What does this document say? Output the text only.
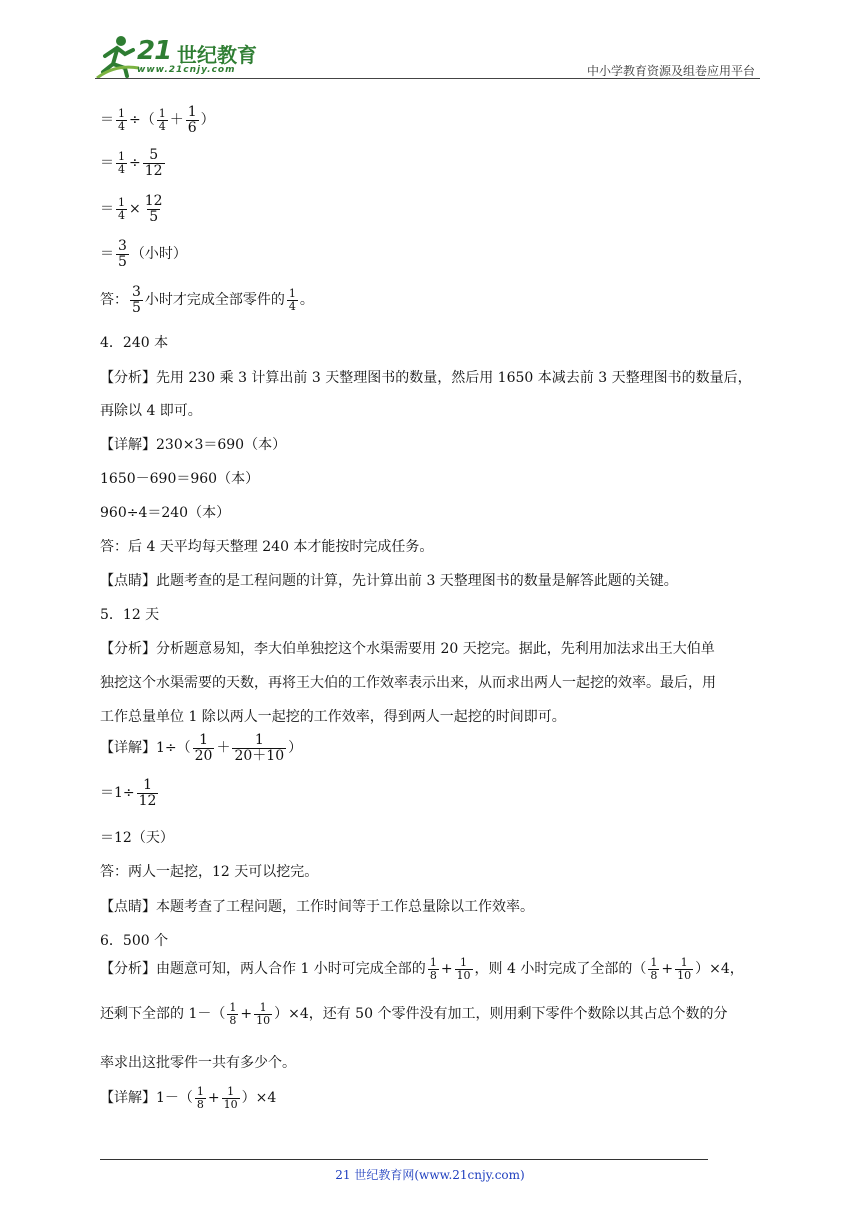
21 世纪教育
www.21cnjy.com	中小学教育资源及组卷应用平台
＝ $\frac{1}{4}$ ÷（ $\frac{1}{4} + \frac{1}{6}$ ）
＝ $\frac{1}{4} \div \frac{5}{12}$
＝ $\frac{1}{4} \times \frac{12}{5}$
＝ $\frac{3}{5}$ （小时）
答： $\frac{3}{5}$ 小时才完成全部零件的 $\frac{1}{4}$ 。
4．240 本
【分析】先用 230 乘 3 计算出前 3 天整理图书的数量，然后用 1650 本减去前 3 天整理图书的数量后，
再除以 4 即可。
【详解】230×3＝690（本）
1650－690＝960（本）
960÷4＝240（本）
答：后 4 天平均每天整理 240 本才能按时完成任务。
【点睛】此题考查的是工程问题的计算，先计算出前 3 天整理图书的数量是解答此题的关键。
5．12 天
【分析】分析题意易知，李大伯单独挖这个水渠需要用 20 天挖完。据此，先利用加法求出王大伯单
独挖这个水渠需要的天数，再将王大伯的工作效率表示出来，从而求出两人一起挖的效率。最后，用
工作总量单位 1 除以两人一起挖的工作效率，得到两人一起挖的时间即可。
【详解】$1\div( \frac{1}{20} + \frac{1}{20+10}$ ）
$=1\div \frac{1}{12}$
＝12（天）
答：两人一起挖，12 天可以挖完。
【点睛】本题考查了工程问题，工作时间等于工作总量除以工作效率。
6．500 个
【分析】由题意可知，两人合作 1 小时可完成全部的 $\frac{1}{8} + \frac{1}{10}$ ，则 4 小时完成了全部的（ $\frac{1}{8} + \frac{1}{10} )\times 4$，
还剩下全部的 $1-( \frac{1}{8} + \frac{1}{10} )\times 4$，还有 50 个零件没有加工，则用剩下零件个数除以其占总个数的分
率求出这批零件一共有多少个。
【详解】$1-( \frac{1}{8} + \frac{1}{10} )\times 4$
21 世纪教育网(www.21cnjy.com)
